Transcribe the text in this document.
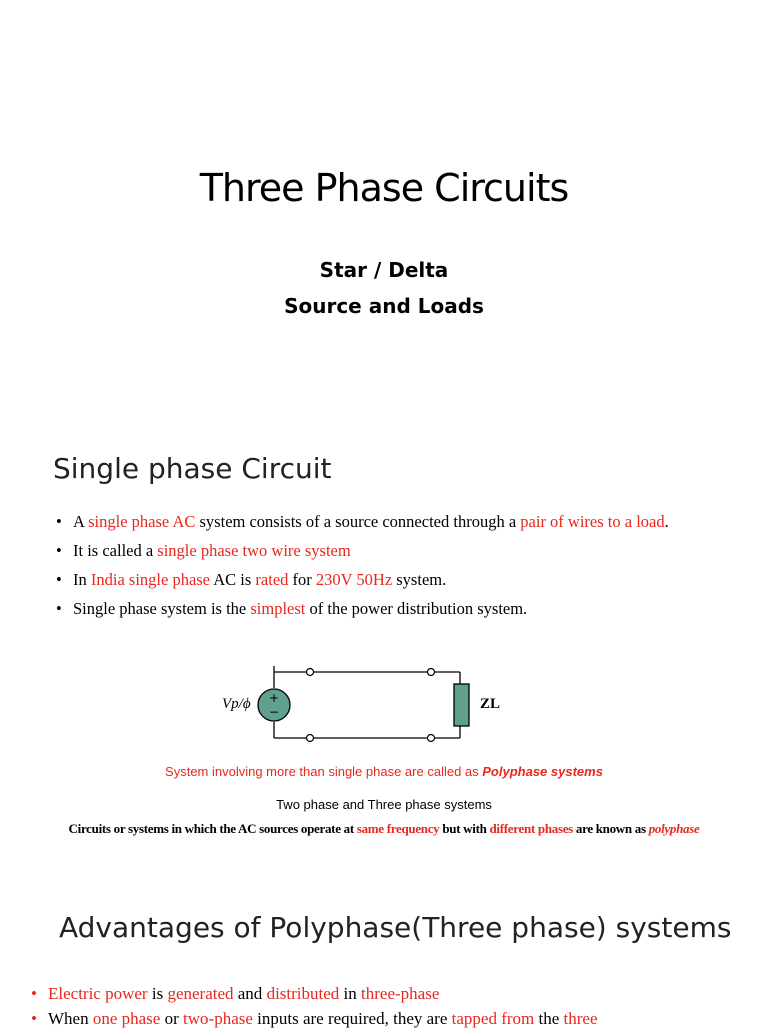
Three Phase Circuits
Star / Delta
Source and Loads
Single phase Circuit
• A single phase AC system consists of a source connected through a pair of wires to a load.
• It is called a single phase two wire system
• In India single phase AC is rated for 230V 50Hz system.
• Single phase system is the simplest of the power distribution system.
+
−
Vp/ϕ	ZL
System involving more than single phase are called as Polyphase systems
Two phase and Three phase systems
Circuits or systems in which the AC sources operate at same frequency but with different phases are known as polyphase
Advantages of Polyphase(Three phase) systems
• Electric power is generated and distributed in three-phase
• When one phase or two-phase inputs are required, they are tapped from the three
